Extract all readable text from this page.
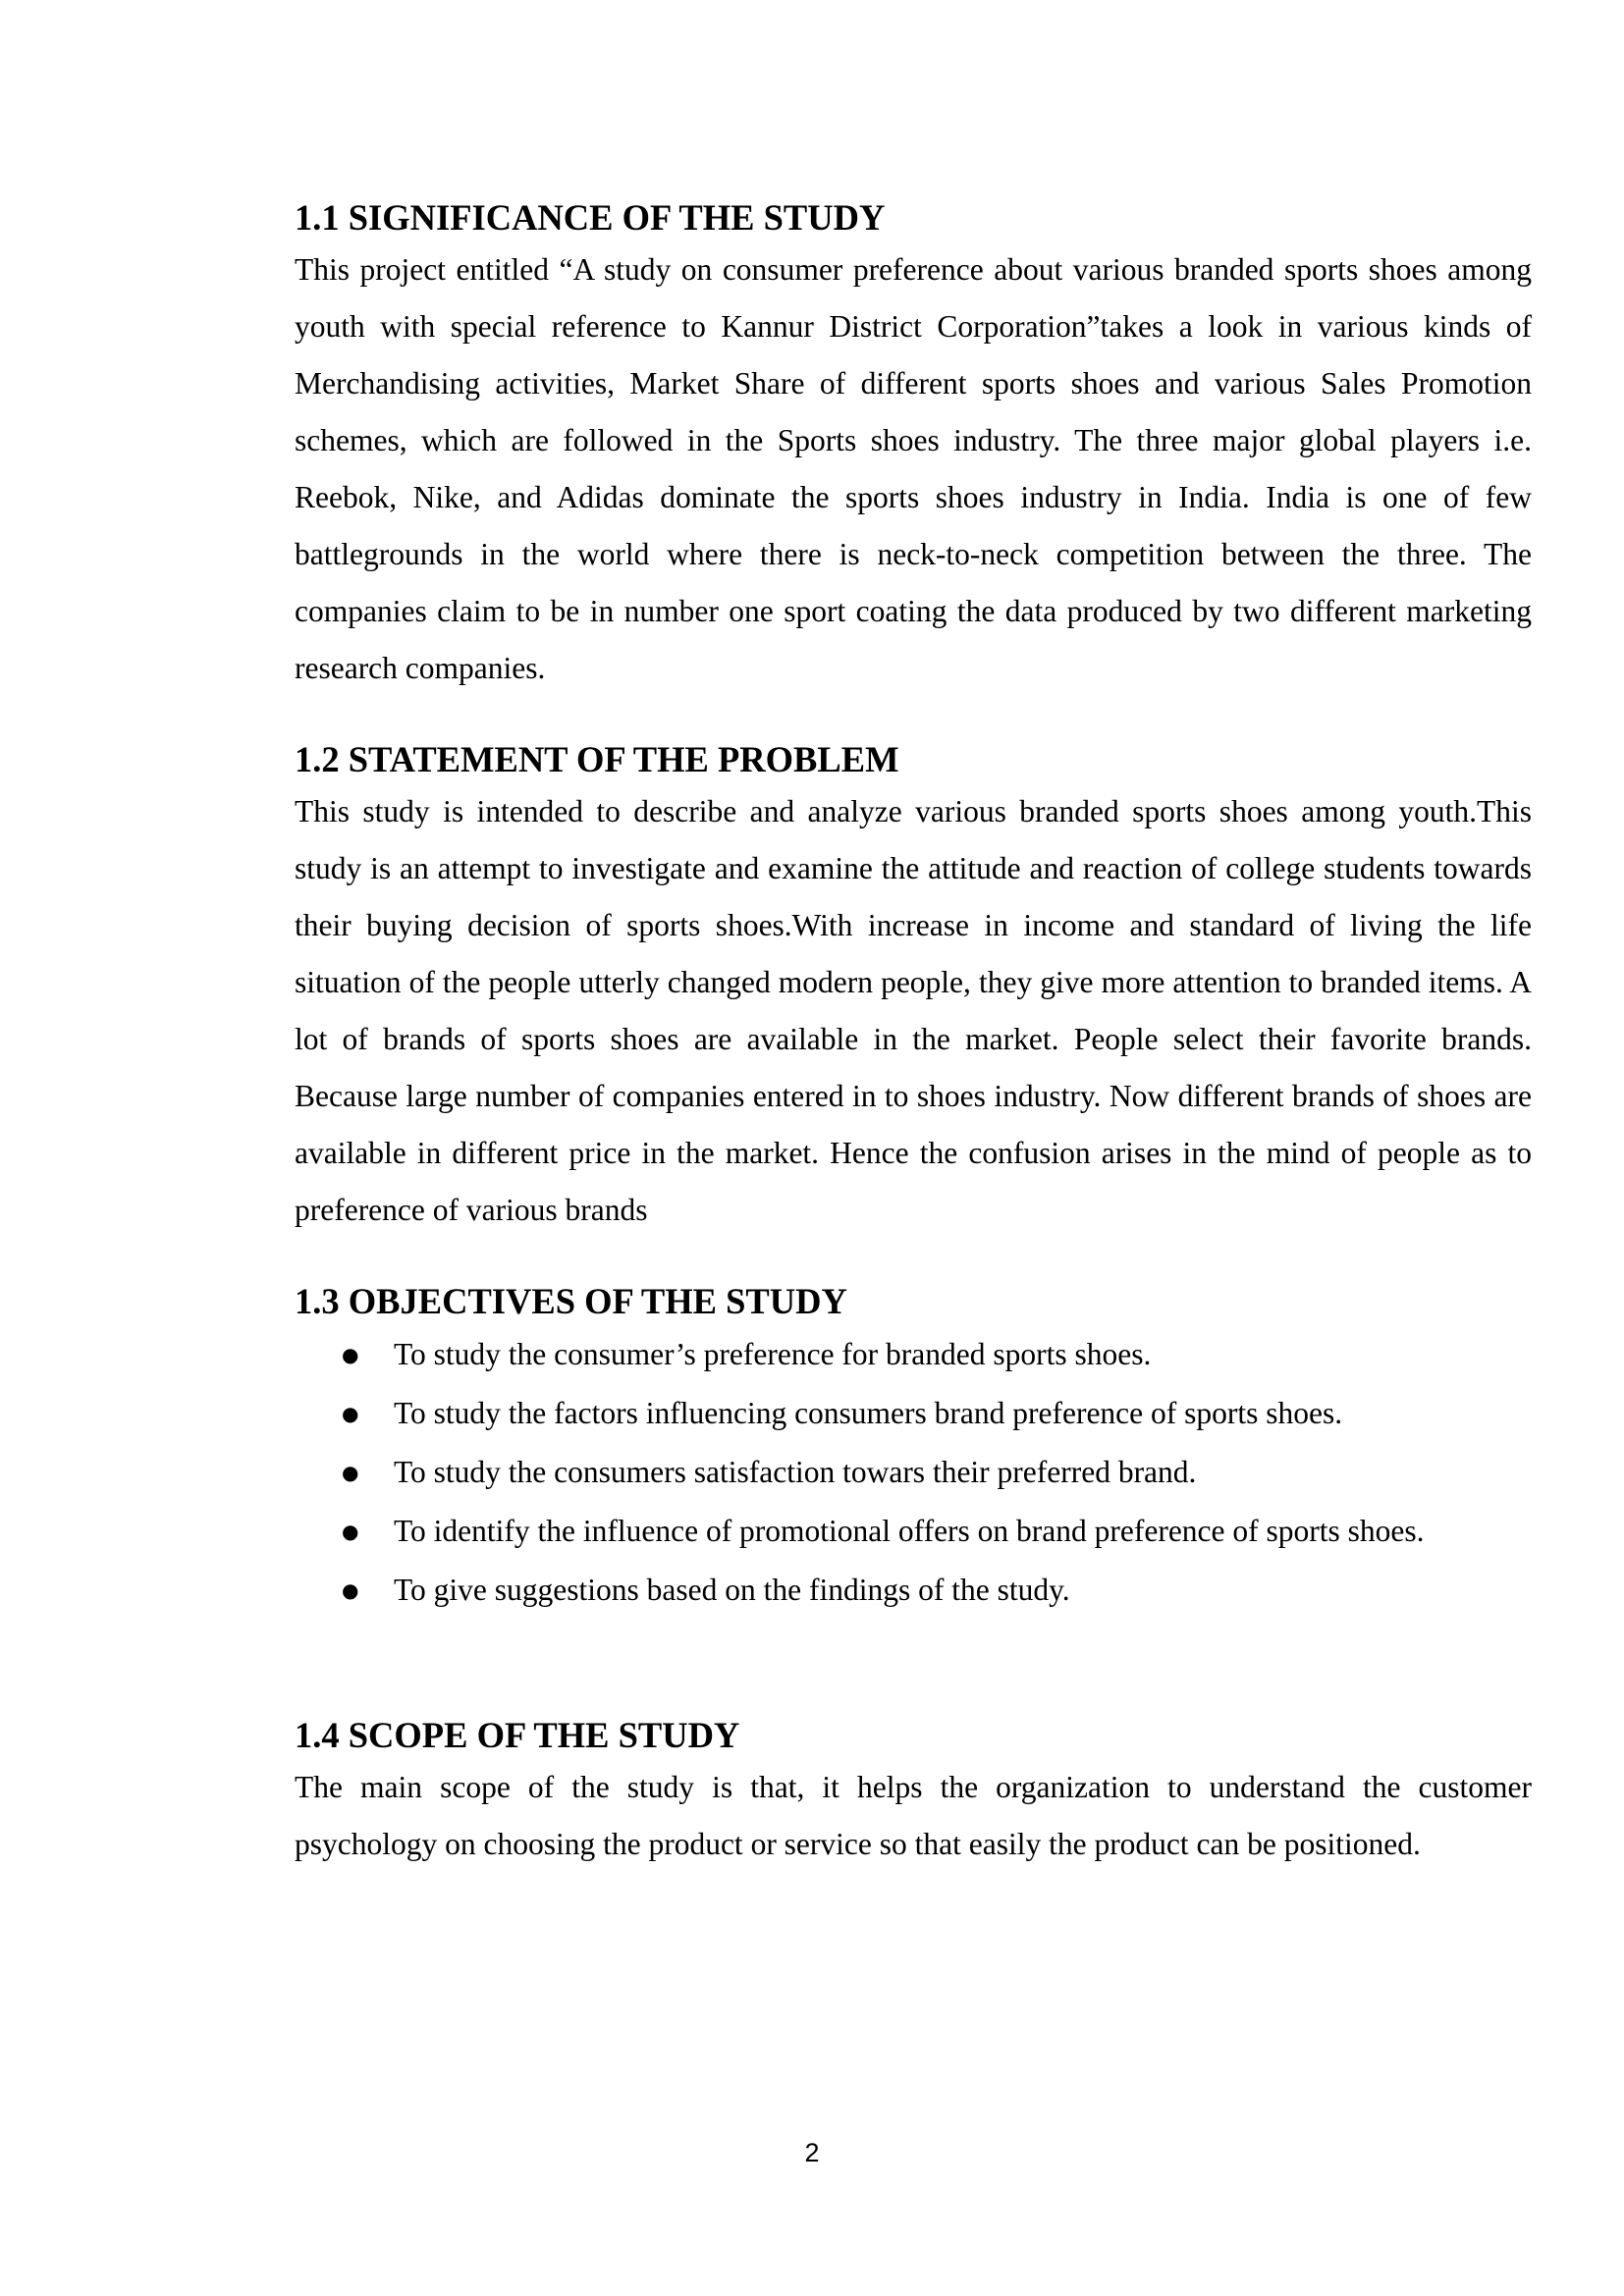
1.1 SIGNIFICANCE OF THE STUDY

This project entitled “A study on consumer preference about various branded sports shoes among youth with special reference to Kannur District Corporation”takes a look in various kinds of Merchandising activities, Market Share of different sports shoes and various Sales Promotion schemes, which are followed in the Sports shoes industry. The three major global players i.e. Reebok, Nike, and Adidas dominate the sports shoes industry in India. India is one of few battlegrounds in the world where there is neck-to-neck competition between the three. The companies claim to be in number one sport coating the data produced by two different marketing research companies.

1.2 STATEMENT OF THE PROBLEM

This study is intended to describe and analyze various branded sports shoes among youth.This study is an attempt to investigate and examine the attitude and reaction of college students towards their buying decision of sports shoes.With increase in income and standard of living the life situation of the people utterly changed modern people, they give more attention to branded items. A lot of brands of sports shoes are available in the market. People select their favorite brands. Because large number of companies entered in to shoes industry. Now different brands of shoes are available in different price in the market. Hence the confusion arises in the mind of people as to preference of various brands

1.3 OBJECTIVES OF THE STUDY
● To study the consumer’s preference for branded sports shoes.
● To study the factors influencing consumers brand preference of sports shoes.
● To study the consumers satisfaction towars their preferred brand.
● To identify the influence of promotional offers on brand preference of sports shoes.
● To give suggestions based on the findings of the study.
1.4 SCOPE OF THE STUDY

The main scope of the study is that, it helps the organization to understand the customer psychology on choosing the product or service so that easily the product can be positioned.

2
